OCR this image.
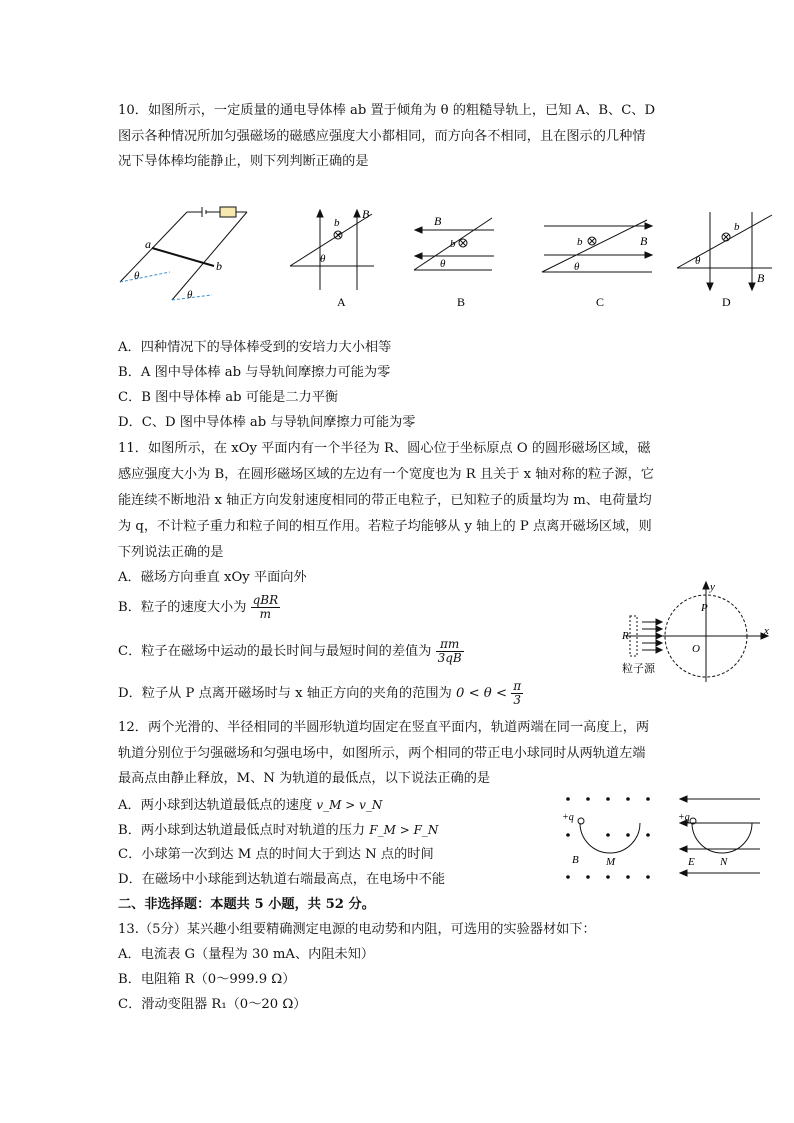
10．如图所示，一定质量的通电导体棒 ab 置于倾角为 θ 的粗糙导轨上，已知 A、B、C、D
图示各种情况所加匀强磁场的磁感应强度大小都相同，而方向各不相同，且在图示的几种情
况下导体棒均能静止，则下列判断正确的是
a
b
θ
θ
b
B
θ
A
B
b
θ
B
b	B
θ
C
b
B
θ
D
A．四种情况下的导体棒受到的安培力大小相等
B．A 图中导体棒 ab 与导轨间摩擦力可能为零
C．B 图中导体棒 ab 可能是二力平衡
D．C、D 图中导体棒 ab 与导轨间摩擦力可能为零
11．如图所示，在 xOy 平面内有一个半径为 R、圆心位于坐标原点 O 的圆形磁场区域，磁
感应强度大小为 B，在圆形磁场区域的左边有一个宽度也为 R 且关于 x 轴对称的粒子源，它
能连续不断地沿 x 轴正方向发射速度相同的带正电粒子，已知粒子的质量均为 m、电荷量均
为 q，不计粒子重力和粒子间的相互作用。若粒子均能够从 y 轴上的 P 点离开磁场区域，则
下列说法正确的是
A．磁场方向垂直 xOy 平面向外
B．粒子的速度大小为 $\frac{\text{qBR}}{m}$
C．粒子在磁场中运动的最长时间与最短时间的差值为 $\frac{\pi m}{3qB}$
D．粒子从 P 点离开磁场时与 x 轴正方向的夹角的范围为 $0 < \theta < \frac{\pi}{3}$
y
x
P
O
R
粒子源
12．两个光滑的、半径相同的半圆形轨道均固定在竖直平面内，轨道两端在同一高度上，两
轨道分别位于匀强磁场和匀强电场中，如图所示，两个相同的带正电小球同时从两轨道左端
最高点由静止释放，M、N 为轨道的最低点，以下说法正确的是
A．两小球到达轨道最低点的速度 v_M > v_N
B．两小球到达轨道最低点时对轨道的压力 F_M > F_N
C．小球第一次到达 M 点的时间大于到达 N 点的时间
D．在磁场中小球能到达轨道右端最高点，在电场中不能
+q
B M
+q
E N
二、非选择题：本题共 5 小题，共 52 分。
13.（5分）某兴趣小组要精确测定电源的电动势和内阻，可选用的实验器材如下：
A．电流表 G（量程为 30 mA、内阻未知）
B．电阻箱 R（0～999.9 Ω）
C．滑动变阻器 R₁（0～20 Ω）
